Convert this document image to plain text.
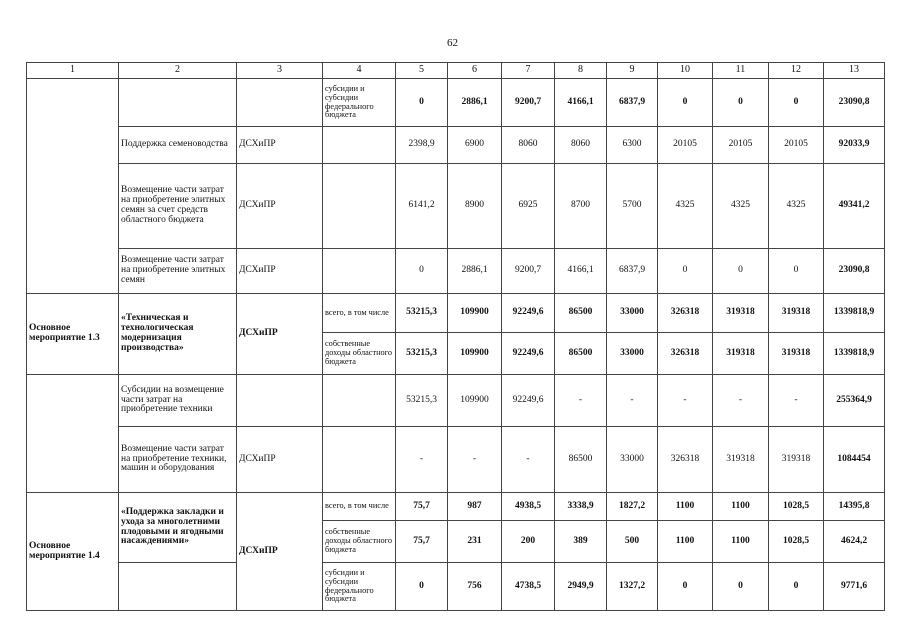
62
1	2	3	4	5	6	7	8	9	10	11	12	13
			субсидии и субсидии федерального бюджета	0	2886,1	9200,7	4166,1	6837,9	0	0	0	23090,8
	Поддержка семеноводства	ДСХиПР		2398,9	6900	8060	8060	6300	20105	20105	20105	92033,9
	Возмещение части затрат на приобретение элитных семян за счет средств областного бюджета	ДСХиПР		6141,2	8900	6925	8700	5700	4325	4325	4325	49341,2
	Возмещение части затрат на приобретение элитных семян	ДСХиПР		0	2886,1	9200,7	4166,1	6837,9	0	0	0	23090,8
Основное мероприятие 1.3	«Техническая и технологическая модернизация производства»	ДСХиПР	всего, в том числе	53215,3	109900	92249,6	86500	33000	326318	319318	319318	1339818,9
			собственные доходы областного бюджета	53215,3	109900	92249,6	86500	33000	326318	319318	319318	1339818,9
	Субсидии на возмещение части затрат на приобретение техники			53215,3	109900	92249,6	-	-	-	-	-	255364,9
	Возмещение части затрат на приобретение техники, машин и оборудования	ДСХиПР		-	-	-	86500	33000	326318	319318	319318	1084454
Основное мероприятие 1.4	«Поддержка закладки и ухода за многолетними плодовыми и ягодными насаждениями»	ДСХиПР	всего, в том числе	75,7	987	4938,5	3338,9	1827,2	1100	1100	1028,5	14395,8
			собственные доходы областного бюджета	75,7	231	200	389	500	1100	1100	1028,5	4624,2
			субсидии и субсидии федерального бюджета	0	756	4738,5	2949,9	1327,2	0	0	0	9771,6
